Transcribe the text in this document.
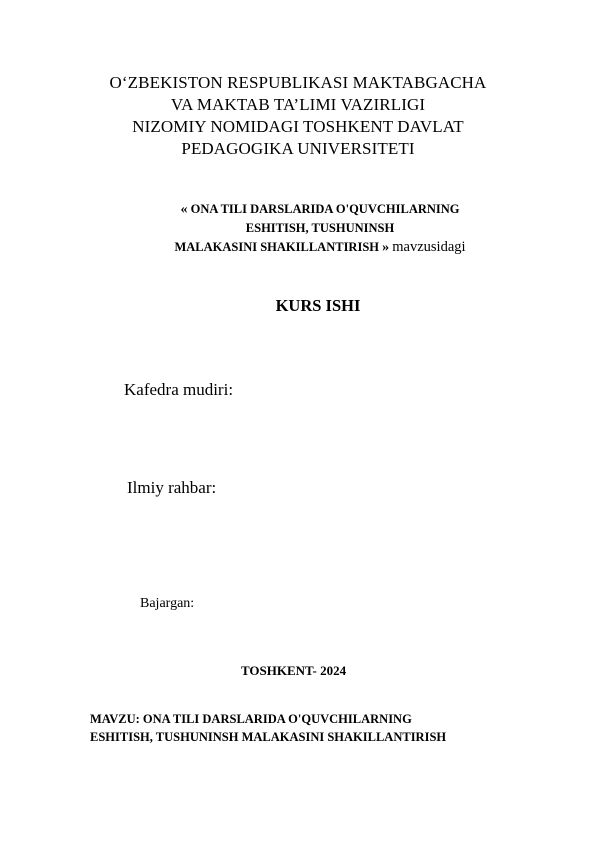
O‘ZBEKISTON RESPUBLIKASI MAKTABGACHA
VA MAKTAB TA’LIMI VAZIRLIGI
NIZOMIY NOMIDAGI TOSHKENT DAVLAT
PEDAGOGIKA UNIVERSITETI
« ONA TILI DARSLARIDA O'QUVCHILARNING
ESHITISH, TUSHUNINSH
MALAKASINI SHAKILLANTIRISH » mavzusidagi
KURS ISHI
Kafedra mudiri:
Ilmiy rahbar:
Bajargan:
TOSHKENT- 2024
MAVZU: ONA TILI DARSLARIDA O'QUVCHILARNING
ESHITISH, TUSHUNINSH MALAKASINI SHAKILLANTIRISH
